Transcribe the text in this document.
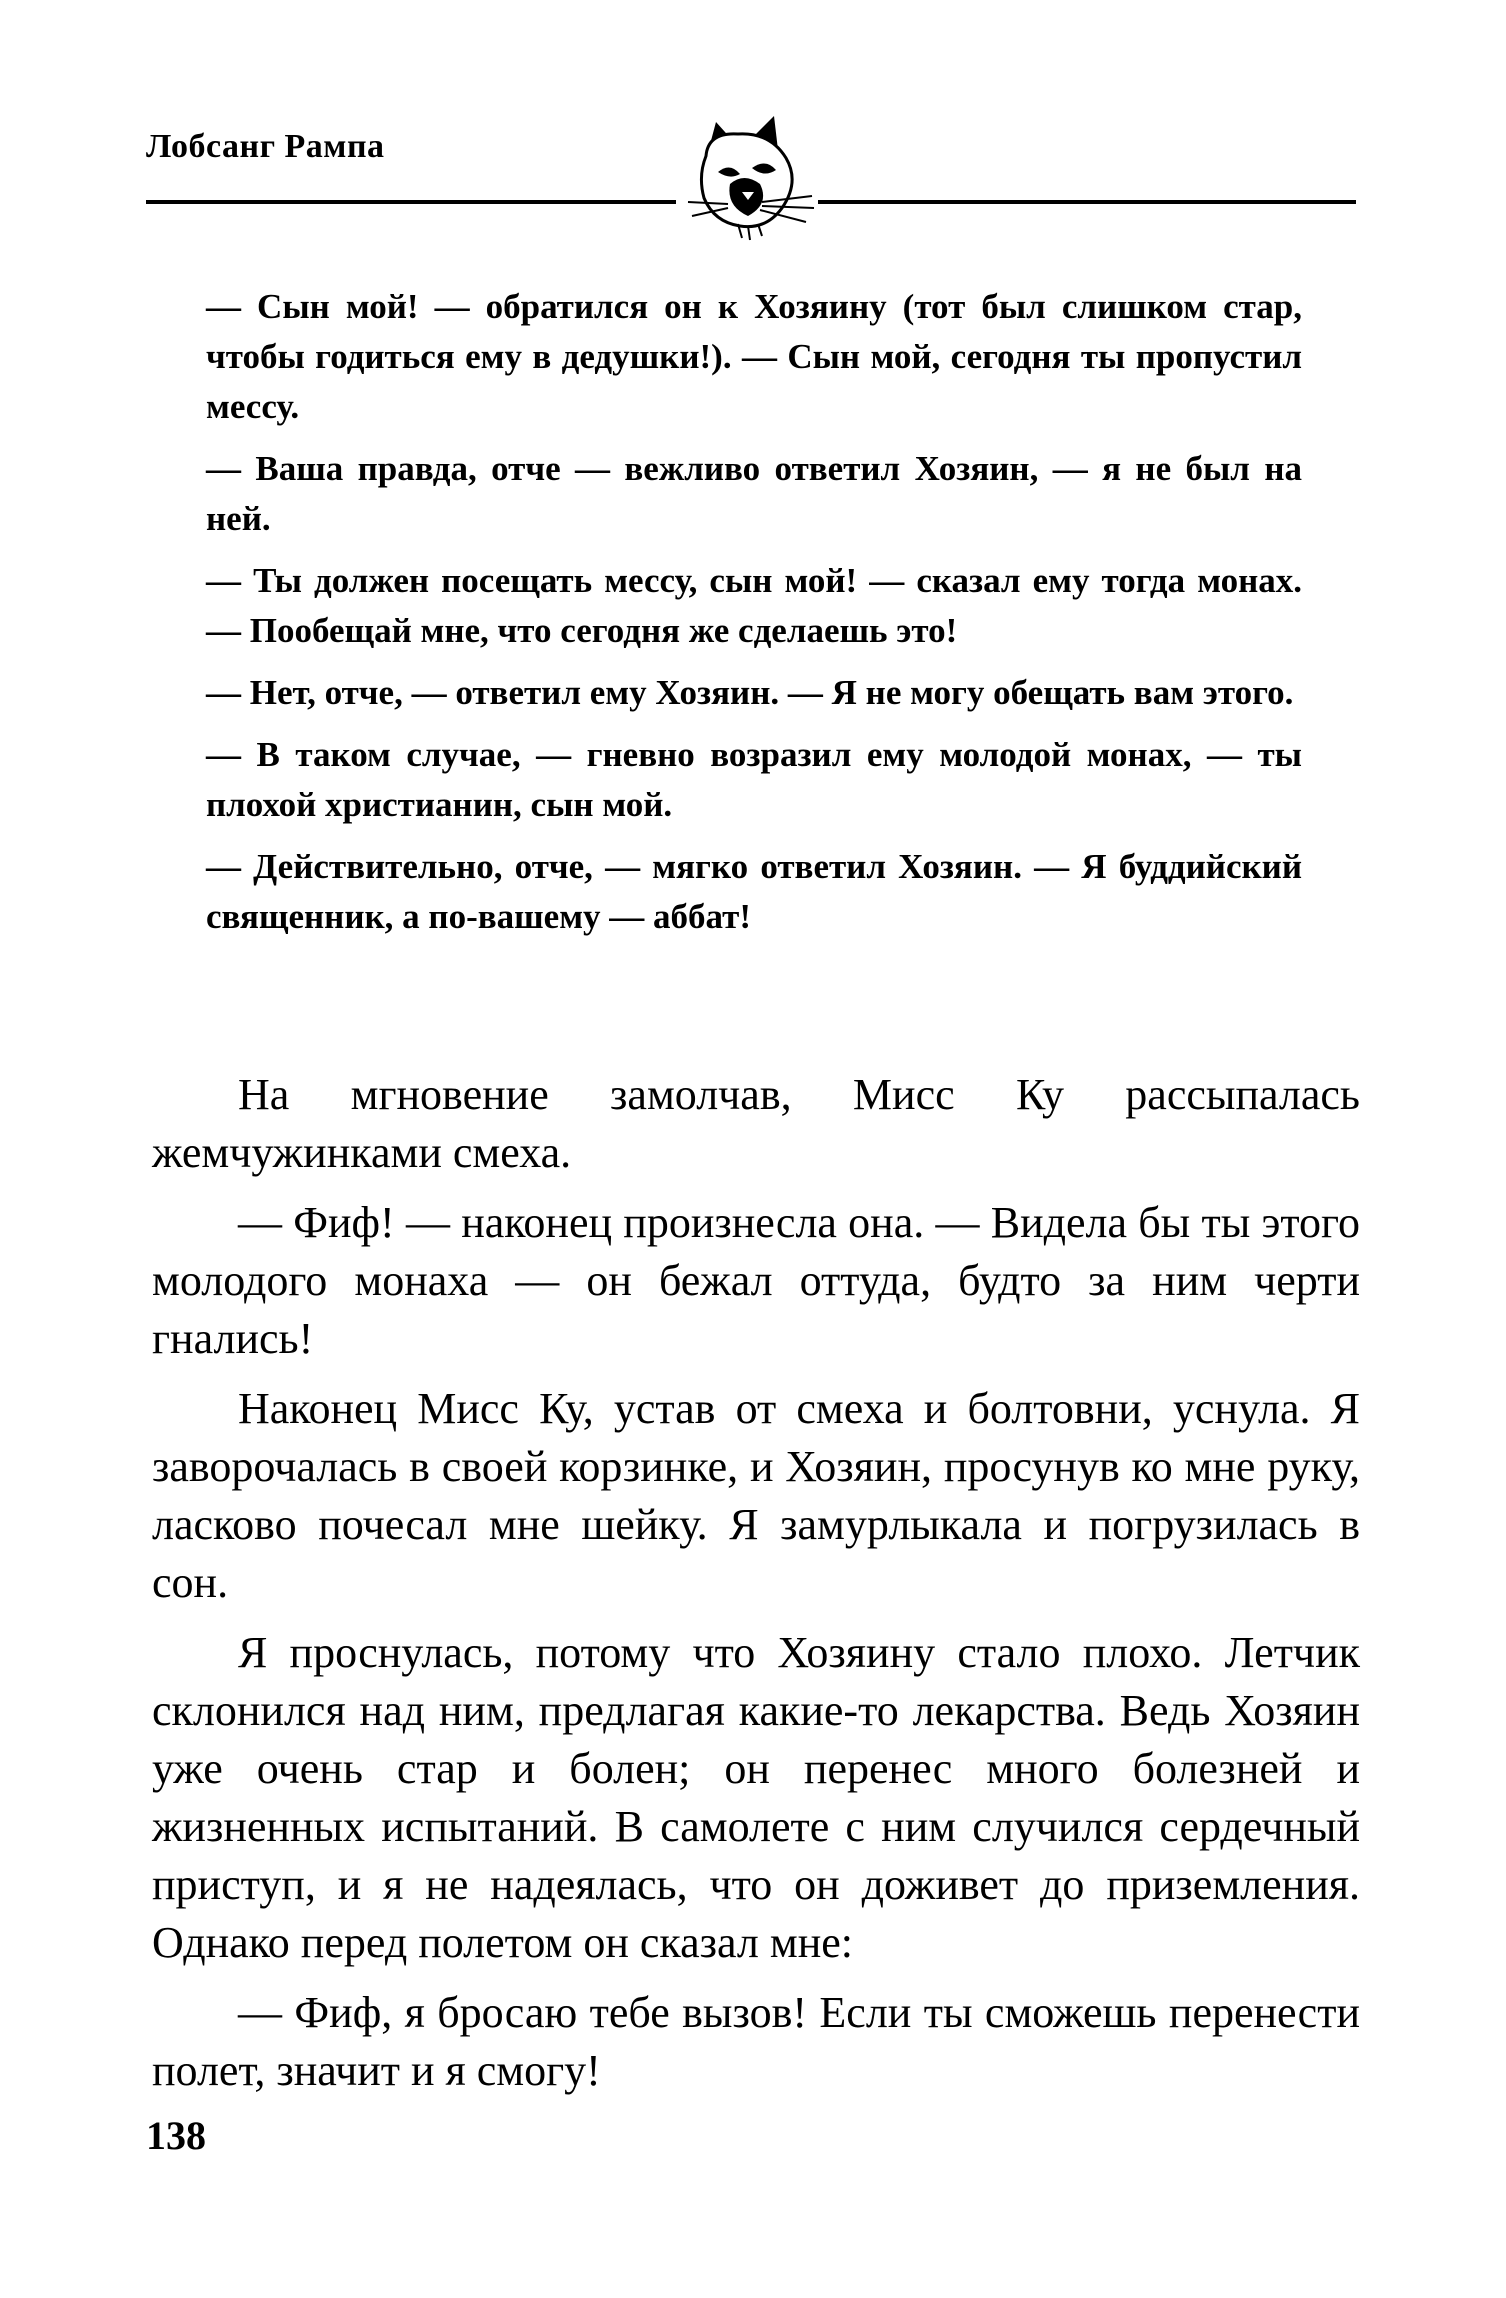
Лобсанг Рампа

— Сын мой! — обратился он к Хозяину (тот был слишком стар, чтобы годиться ему в дедушки!). — Сын мой, сегодня ты пропустил мессу.

— Ваша правда, отче — вежливо ответил Хозяин, — я не был на ней.

— Ты должен посещать мессу, сын мой! — сказал ему тогда монах. — Пообещай мне, что сегодня же сделаешь это!

— Нет, отче, — ответил ему Хозяин. — Я не могу обещать вам этого.

— В таком случае, — гневно возразил ему молодой монах, — ты плохой христианин, сын мой.

— Действительно, отче, — мягко ответил Хозяин. — Я буддийский священник, а по-вашему — аббат!

На мгновение замолчав, Мисс Ку рассыпалась жемчужинками смеха.

— Фиф! — наконец произнесла она. — Видела бы ты этого молодого монаха — он бежал оттуда, будто за ним черти гнались!

Наконец Мисс Ку, устав от смеха и болтовни, уснула. Я заворочалась в своей корзинке, и Хозяин, просунув ко мне руку, ласково почесал мне шейку. Я замурлыкала и погрузилась в сон.

Я проснулась, потому что Хозяину стало плохо. Летчик склонился над ним, предлагая какие-то лекарства. Ведь Хозяин уже очень стар и болен; он перенес много болезней и жизненных испытаний. В самолете с ним случился сердечный приступ, и я не надеялась, что он доживет до приземления. Однако перед полетом он сказал мне:

— Фиф, я бросаю тебе вызов! Если ты сможешь перенести полет, значит и я смогу!

138
